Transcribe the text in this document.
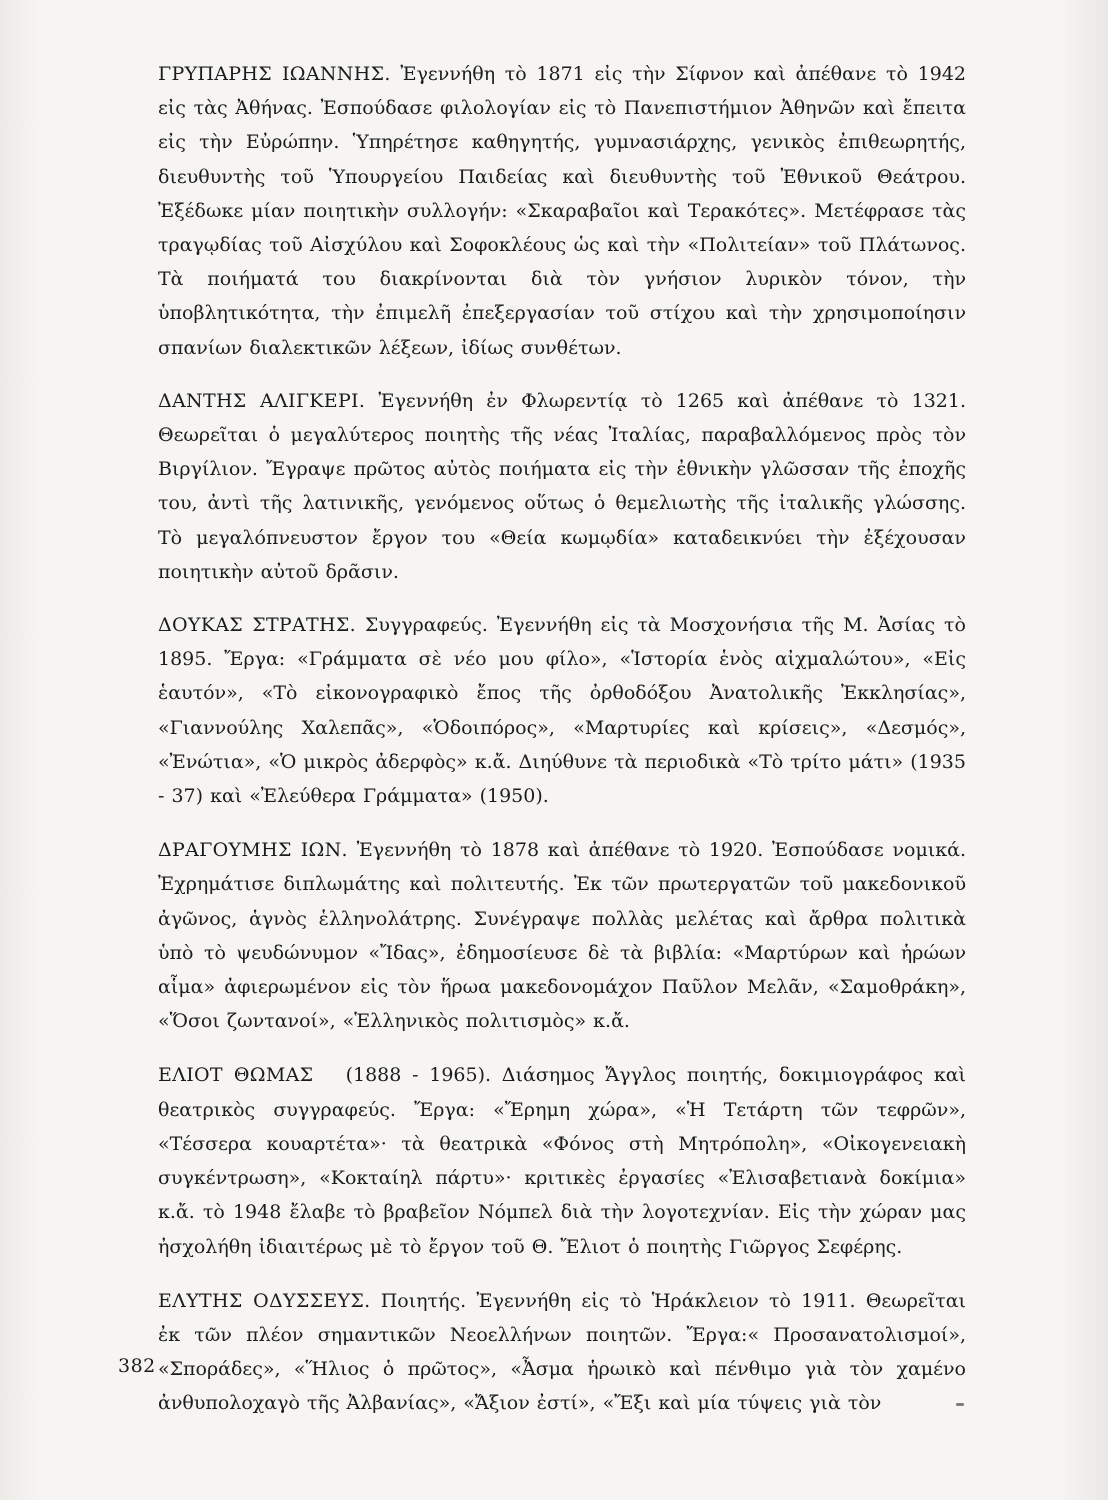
ΓΡΥΠΑΡΗΣ ΙΩΑΝΝΗΣ. Ἐγεννήθη τὸ 1871 εἰς τὴν Σίφνον καὶ ἀπέθανε τὸ 1942 εἰς τὰς Ἀθήνας. Ἐσπούδασε φιλολογίαν εἰς τὸ Πανεπιστήμιον Ἀθηνῶν καὶ ἔπειτα εἰς τὴν Εὐρώπην. Ὑπηρέτησε καθηγητής, γυμνασιάρχης, γενικὸς ἐπιθεωρητής, διευθυντὴς τοῦ Ὑπουργείου Παιδείας καὶ διευθυντὴς τοῦ Ἐθνικοῦ Θεάτρου. Ἐξέδωκε μίαν ποιητικὴν συλλογήν: «Σκαραβαῖοι καὶ Τερακότες». Μετέφρασε τὰς τραγῳδίας τοῦ Αἰσχύλου καὶ Σοφοκλέους ὡς καὶ τὴν «Πολιτείαν» τοῦ Πλάτωνος. Τὰ ποιήματά του διακρίνονται διὰ τὸν γνήσιον λυρικὸν τόνον, τὴν ὑποβλητικότητα, τὴν ἐπιμελῆ ἐπεξεργασίαν τοῦ στίχου καὶ τὴν χρησιμοποίησιν σπανίων διαλεκτικῶν λέξεων, ἰδίως συνθέτων.

ΔΑΝΤΗΣ ΑΛΙΓΚΕΡΙ. Ἐγεννήθη ἐν Φλωρεντίᾳ τὸ 1265 καὶ ἀπέθανε τὸ 1321. Θεωρεῖται ὁ μεγαλύτερος ποιητὴς τῆς νέας Ἰταλίας, παραβαλλόμενος πρὸς τὸν Βιργίλιον. Ἔγραψε πρῶτος αὐτὸς ποιήματα εἰς τὴν ἐθνικὴν γλῶσσαν τῆς ἐποχῆς του, ἀντὶ τῆς λατινικῆς, γενόμενος οὕτως ὁ θεμελιωτὴς τῆς ἰταλικῆς γλώσσης. Τὸ μεγαλόπνευστον ἔργον του «Θεία κωμῳδία» καταδεικνύει τὴν ἐξέχουσαν ποιητικὴν αὐτοῦ δρᾶσιν.

ΔΟΥΚΑΣ ΣΤΡΑΤΗΣ. Συγγραφεύς. Ἐγεννήθη εἰς τὰ Μοσχονήσια τῆς Μ. Ἀσίας τὸ 1895. Ἔργα: «Γράμματα σὲ νέο μου φίλο», «Ἱστορία ἑνὸς αἰχμαλώτου», «Εἰς ἑαυτόν», «Τὸ εἰκονογραφικὸ ἔπος τῆς ὀρθοδόξου Ἀνατολικῆς Ἐκκλησίας», «Γιαννούλης Χαλεπᾶς», «Ὁδοιπόρος», «Μαρτυρίες καὶ κρίσεις», «Δεσμός», «Ἐνώτια», «Ὁ μικρὸς ἀδερφὸς» κ.ἄ. Διηύθυνε τὰ περιοδικὰ «Τὸ τρίτο μάτι» (1935 - 37) καὶ «Ἐλεύθερα Γράμματα» (1950).

ΔΡΑΓΟΥΜΗΣ ΙΩΝ. Ἐγεννήθη τὸ 1878 καὶ ἀπέθανε τὸ 1920. Ἐσπούδασε νομικά. Ἐχρημάτισε διπλωμάτης καὶ πολιτευτής. Ἐκ τῶν πρωτεργατῶν τοῦ μακεδονικοῦ ἀγῶνος, ἁγνὸς ἑλληνολάτρης. Συνέγραψε πολλὰς μελέτας καὶ ἄρθρα πολιτικὰ ὑπὸ τὸ ψευδώνυμον «Ἴδας», ἐδημοσίευσε δὲ τὰ βιβλία: «Μαρτύρων καὶ ἡρώων αἷμα» ἀφιερωμένον εἰς τὸν ἥρωα μακεδονομάχον Παῦλον Μελᾶν, «Σαμοθράκη», «Ὅσοι ζωντανοί», «Ἑλληνικὸς πολιτισμὸς» κ.ἄ.

ΕΛΙΟΤ ΘΩΜΑΣ (1888 - 1965). Διάσημος Ἄγγλος ποιητής, δοκιμιογράφος καὶ θεατρικὸς συγγραφεύς. Ἔργα: «Ἔρημη χώρα», «Ἡ Τετάρτη τῶν τεφρῶν», «Τέσσερα κουαρτέτα»· τὰ θεατρικὰ «Φόνος στὴ Μητρόπολη», «Οἰκογενειακὴ συγκέντρωση», «Κοκταίηλ πάρτυ»· κριτικὲς ἐργασίες «Ἐλισαβετιανὰ δοκίμια» κ.ἄ. τὸ 1948 ἔλαβε τὸ βραβεῖον Νόμπελ διὰ τὴν λογοτεχνίαν. Εἰς τὴν χώραν μας ἠσχολήθη ἰδιαιτέρως μὲ τὸ ἔργον τοῦ Θ. Ἔλιοτ ὁ ποιητὴς Γιῶργος Σεφέρης.

ΕΛΥΤΗΣ ΟΔΥΣΣΕΥΣ. Ποιητής. Ἐγεννήθη εἰς τὸ Ἡράκλειον τὸ 1911. Θεωρεῖται ἐκ τῶν πλέον σημαντικῶν Νεοελλήνων ποιητῶν. Ἔργα:« Προσανατολισμοί», «Σποράδες», «Ἥλιος ὁ πρῶτος», «Ἆσμα ἡρωικὸ καὶ πένθιμο γιὰ τὸν χαμένο ἀνθυπολοχαγὸ τῆς Ἀλβανίας», «Ἄξιον ἐστί», «Ἔξι καὶ μία τύψεις γιὰ τὸν

382
